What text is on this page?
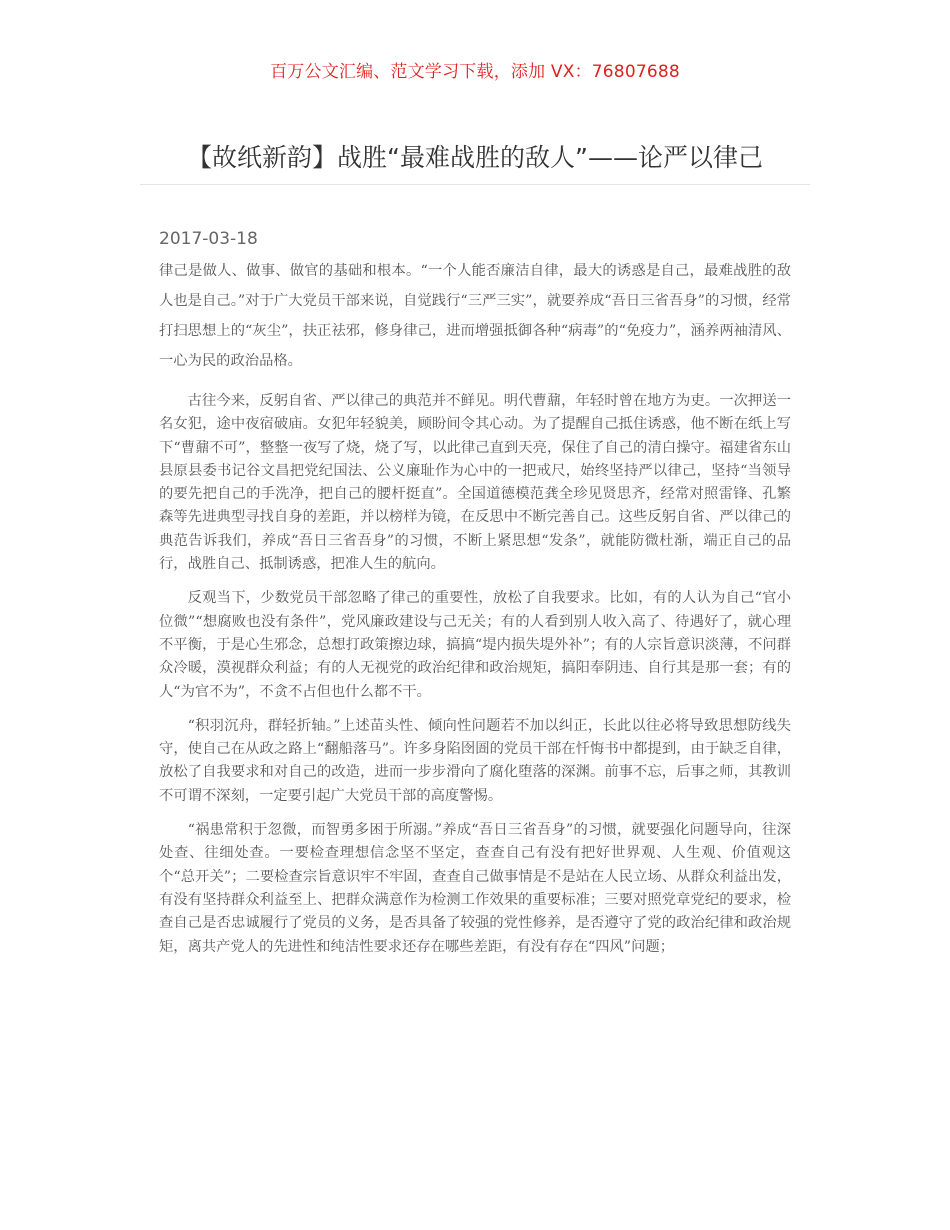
百万公文汇编、范文学习下载，添加 VX：76807688
【故纸新韵】战胜“最难战胜的敌人”——论严以律己
2017-03-18

律己是做人、做事、做官的基础和根本。“一个人能否廉洁自律，最大的诱惑是自己，最难战胜的敌人也是自己。”对于广大党员干部来说，自觉践行“三严三实”，就要养成“吾日三省吾身”的习惯，经常打扫思想上的“灰尘”，扶正祛邪，修身律己，进而增强抵御各种“病毒”的“免疫力”，涵养两袖清风、一心为民的政治品格。

古往今来，反躬自省、严以律己的典范并不鲜见。明代曹鼐，年轻时曾在地方为吏。一次押送一名女犯，途中夜宿破庙。女犯年轻貌美，顾盼间令其心动。为了提醒自己抵住诱惑，他不断在纸上写下“曹鼐不可”，整整一夜写了烧，烧了写，以此律己直到天亮，保住了自己的清白操守。福建省东山县原县委书记谷文昌把党纪国法、公义廉耻作为心中的一把戒尺，始终坚持严以律己，坚持“当领导的要先把自己的手洗净，把自己的腰杆挺直”。全国道德模范龚全珍见贤思齐，经常对照雷锋、孔繁森等先进典型寻找自身的差距，并以榜样为镜，在反思中不断完善自己。这些反躬自省、严以律己的典范告诉我们，养成“吾日三省吾身”的习惯，不断上紧思想“发条”，就能防微杜渐，端正自己的品行，战胜自己、抵制诱惑，把准人生的航向。

反观当下，少数党员干部忽略了律己的重要性，放松了自我要求。比如，有的人认为自己“官小位微”“想腐败也没有条件”，党风廉政建设与己无关；有的人看到别人收入高了、待遇好了，就心理不平衡，于是心生邪念，总想打政策擦边球，搞搞“堤内损失堤外补”；有的人宗旨意识淡薄，不问群众冷暖，漠视群众利益；有的人无视党的政治纪律和政治规矩，搞阳奉阴违、自行其是那一套；有的人“为官不为”，不贪不占但也什么都不干。

“积羽沉舟，群轻折轴。”上述苗头性、倾向性问题若不加以纠正，长此以往必将导致思想防线失守，使自己在从政之路上“翻船落马”。许多身陷囹圄的党员干部在忏悔书中都提到，由于缺乏自律，放松了自我要求和对自己的改造，进而一步步滑向了腐化堕落的深渊。前事不忘，后事之师，其教训不可谓不深刻，一定要引起广大党员干部的高度警惕。

“祸患常积于忽微，而智勇多困于所溺。”养成“吾日三省吾身”的习惯，就要强化问题导向，往深处查、往细处查。一要检查理想信念坚不坚定，查查自己有没有把好世界观、人生观、价值观这个“总开关”；二要检查宗旨意识牢不牢固，查查自己做事情是不是站在人民立场、从群众利益出发，有没有坚持群众利益至上、把群众满意作为检测工作效果的重要标准；三要对照党章党纪的要求，检查自己是否忠诚履行了党员的义务，是否具备了较强的党性修养，是否遵守了党的政治纪律和政治规矩，离共产党人的先进性和纯洁性要求还存在哪些差距，有没有存在“四风”问题；
